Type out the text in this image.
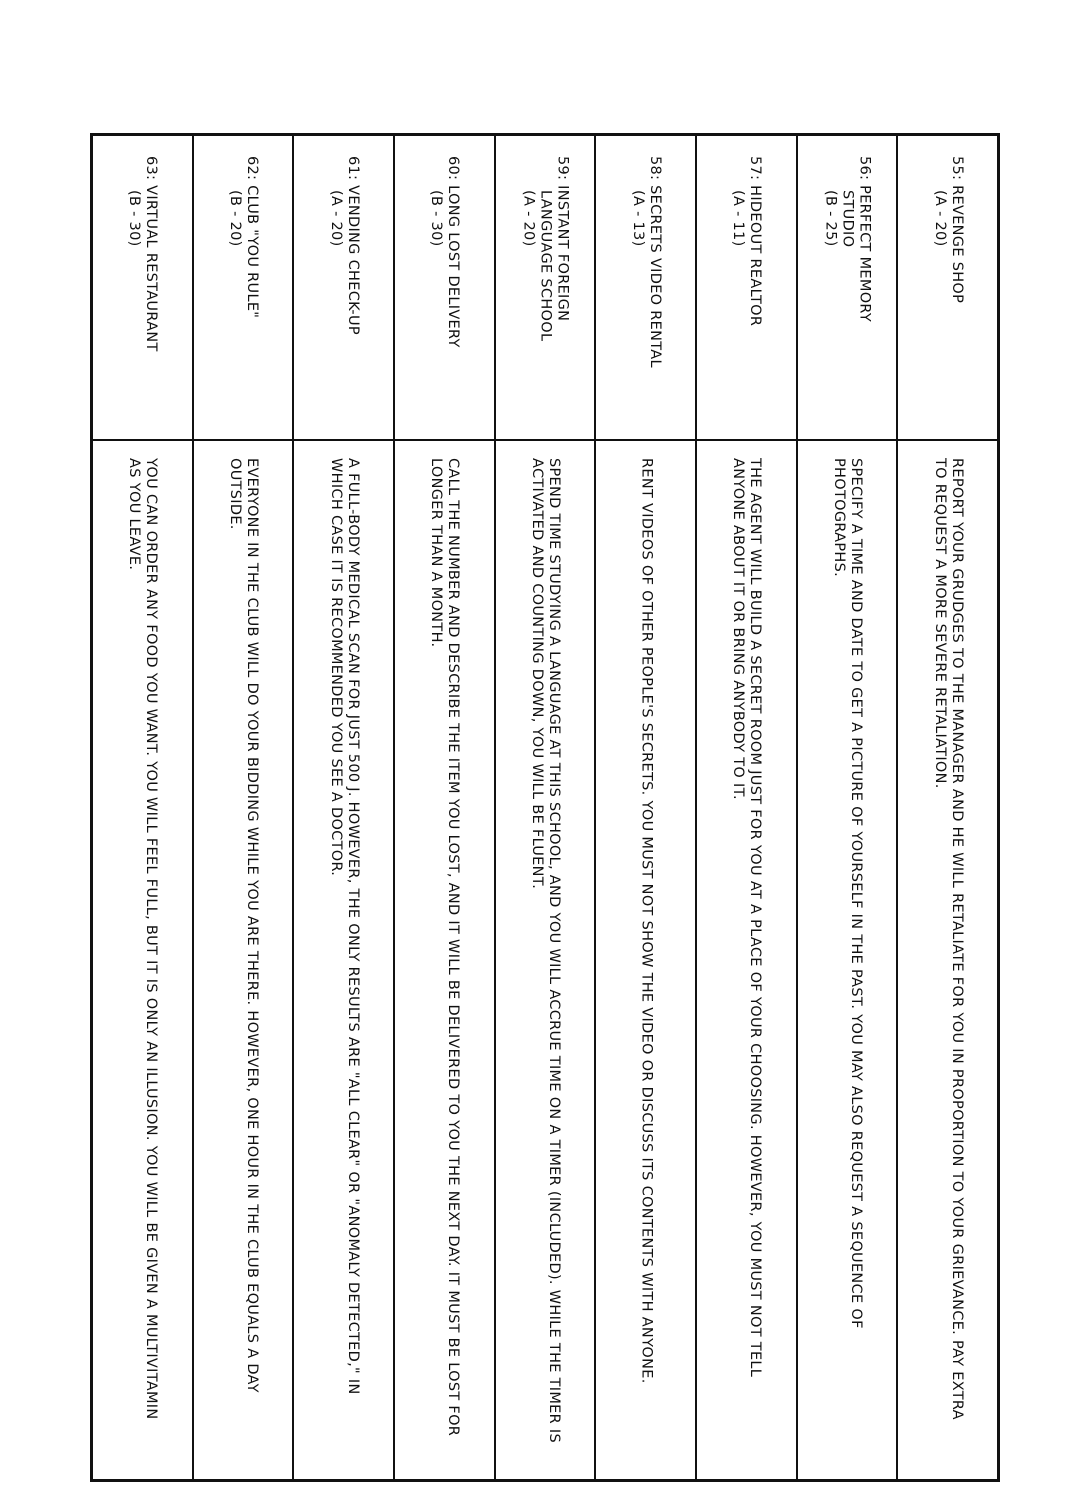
55: REVENGE SHOP
(A - 20)
REPORT YOUR GRUDGES TO THE MANAGER AND HE WILL RETALIATE FOR YOU IN PROPORTION TO YOUR GRIEVANCE. PAY EXTRA TO REQUEST A MORE SEVERE RETALIATION.
56: PERFECT MEMORY
STUDIO
(B - 25)
SPECIFY A TIME AND DATE TO GET A PICTURE OF YOURSELF IN THE PAST. YOU MAY ALSO REQUEST A SEQUENCE OF PHOTOGRAPHS.
57: HIDEOUT REALTOR
(A - 11)
THE AGENT WILL BUILD A SECRET ROOM JUST FOR YOU AT A PLACE OF YOUR CHOOSING. HOWEVER, YOU MUST NOT TELL ANYONE ABOUT IT OR BRING ANYBODY TO IT.
58: SECRETS VIDEO RENTAL
(A - 13)
RENT VIDEOS OF OTHER PEOPLE'S SECRETS. YOU MUST NOT SHOW THE VIDEO OR DISCUSS ITS CONTENTS WITH ANYONE.
59: INSTANT FOREIGN
LANGUAGE SCHOOL
(A - 20)
SPEND TIME STUDYING A LANGUAGE AT THIS SCHOOL, AND YOU WILL ACCRUE TIME ON A TIMER (INCLUDED). WHILE THE TIMER IS ACTIVATED AND COUNTING DOWN, YOU WILL BE FLUENT.
60: LONG LOST DELIVERY
(B - 30)
CALL THE NUMBER AND DESCRIBE THE ITEM YOU LOST, AND IT WILL BE DELIVERED TO YOU THE NEXT DAY. IT MUST BE LOST FOR LONGER THAN A MONTH.
61: VENDING CHECK-UP
(A - 20)
A FULL-BODY MEDICAL SCAN FOR JUST 500 J. HOWEVER, THE ONLY RESULTS ARE "ALL CLEAR" OR "ANOMALY DETECTED," IN WHICH CASE IT IS RECOMMENDED YOU SEE A DOCTOR.
62: CLUB "YOU RULE"
(B - 20)
EVERYONE IN THE CLUB WILL DO YOUR BIDDING WHILE YOU ARE THERE. HOWEVER, ONE HOUR IN THE CLUB EQUALS A DAY OUTSIDE.
63: VIRTUAL RESTAURANT
(B - 30)
YOU CAN ORDER ANY FOOD YOU WANT. YOU WILL FEEL FULL, BUT IT IS ONLY AN ILLUSION. YOU WILL BE GIVEN A MULTIVITAMIN AS YOU LEAVE.
